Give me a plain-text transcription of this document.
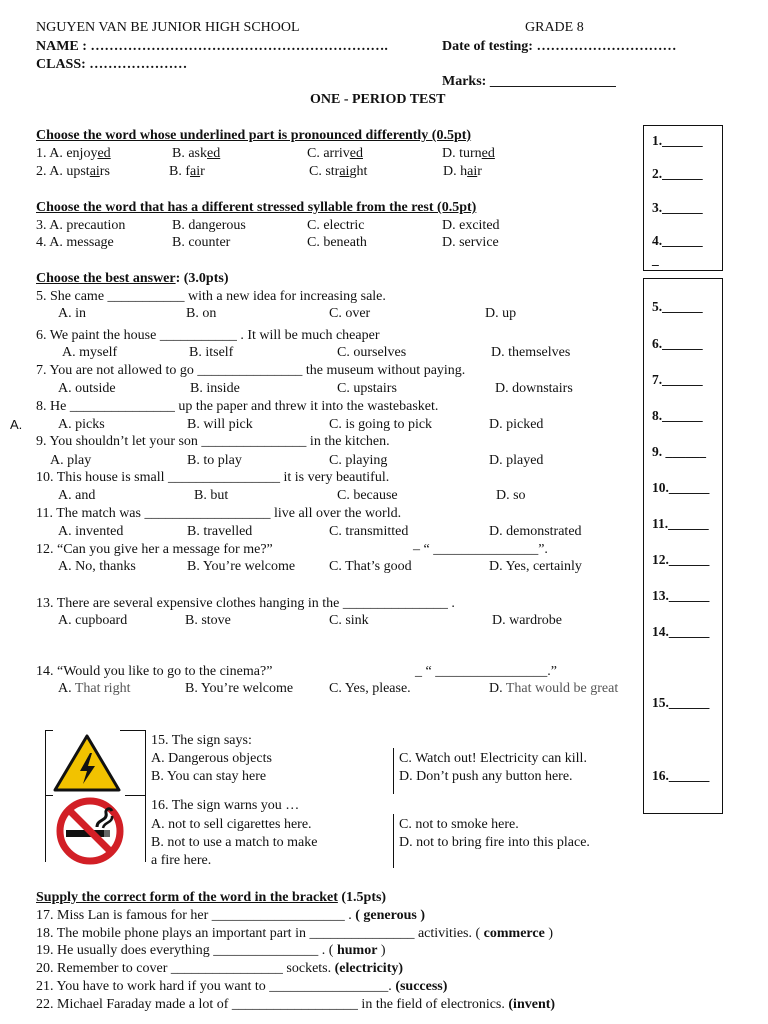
NGUYEN VAN BE JUNIOR HIGH SCHOOL	GRADE 8
NAME : ……………………………………………………….	Date of testing: …………………………
CLASS: …………………
Marks: __________________
ONE - PERIOD TEST
Choose the word whose underlined part is pronounced differently (0.5pt)
1. A. enjoyed	B. asked	C. arrived	D. turned
2. A. upstairs	B. fair	C. straight	D. hair
Choose the word that has a different stressed syllable from the rest (0.5pt)
3. A. precaution	B. dangerous	C. electric	D. excited
4. A. message	B. counter	C. beneath	D. service
Choose the best answer: (3.0pts)
5. She came ___________ with a new idea for increasing sale.
A. in	B. on	C. over	D. up
6. We paint the house ___________ . It will be much cheaper
A. myself	B. itself	C. ourselves	D. themselves
7. You are not allowed to go _______________ the museum without paying.
A. outside	B. inside	C. upstairs	D. downstairs
8. He _______________ up the paper and threw it into the wastebasket.
A.	A. picks	B. will pick	C. is going to pick	D. picked
9. You shouldn’t let your son _______________ in the kitchen.
A. play	B. to play	C. playing	D. played
10. This house is small ________________ it is very beautiful.
A. and	B. but	C. because	D. so
11. The match was __________________ live all over the world.
A. invented	B. travelled	C. transmitted	D. demonstrated
12. “Can you give her a message for me?”	– “ _______________”.
A. No, thanks	B. You’re welcome C. That’s good	D. Yes, certainly
13. There are several expensive clothes hanging in the _______________ .
A. cupboard	B. stove	C. sink	D. wardrobe
14. “Would you like to go to the cinema?”	_ “ ________________.”
A. That right	B. You’re welcome	C. Yes, please.	D. That would be great
15. The sign says:
A. Dangerous objects
B. You can stay here
C. Watch out! Electricity can kill.
D. Don’t push any button here.
16. The sign warns you …
A. not to sell cigarettes here.
B. not to use a match to make
a fire here.
C. not to smoke here.
D. not to bring fire into this place.
Supply the correct form of the word in the bracket (1.5pts)
17. Miss Lan is famous for her ___________________ . ( generous )
18. The mobile phone plays an important part in _______________ activities. ( commerce )
19. He usually does everything _______________ . ( humor )
20. Remember to cover ________________ sockets. (electricity)
21. You have to work hard if you want to _________________. (success)
22. Michael Faraday made a lot of __________________ in the field of electronics. (invent)
1.______
2.______
3.______
4.______
_
5.______
6.______
7.______
8.______
9. ______
10.______
11.______
12.______
13.______
14.______
15.______
16.______
